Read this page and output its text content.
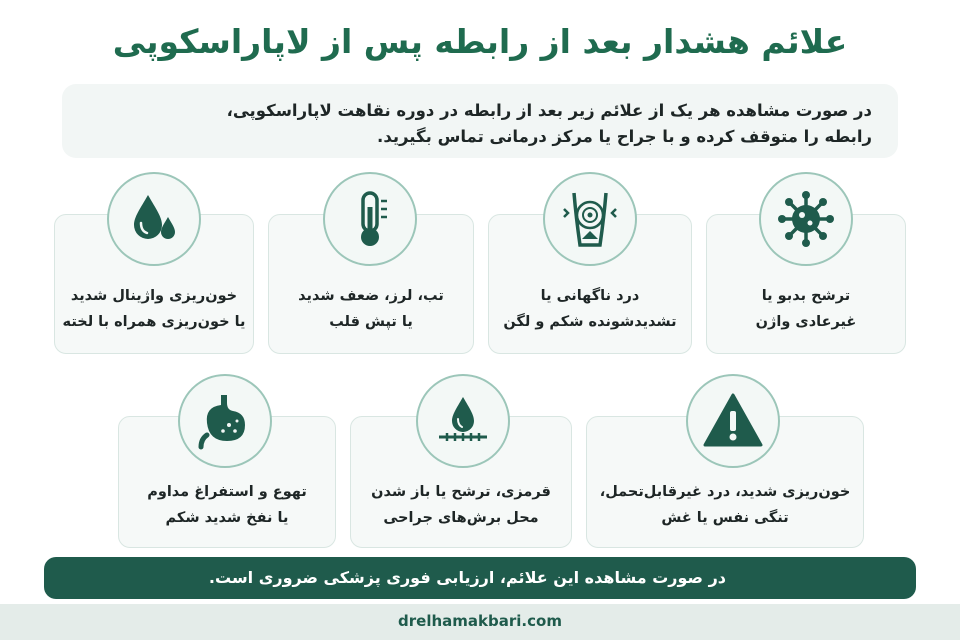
علائم هشدار بعد از رابطه پس از لاپاراسکوپی
در صورت مشاهده هر یک از علائم زیر بعد از رابطه در دوره نقاهت لاپاراسکوپی،
رابطه را متوقف کرده و با جراح یا مرکز درمانی تماس بگیرید.
ترشح بدبو یا
غیرعادی واژن
درد ناگهانی یا
تشدیدشونده شکم و لگن
تب، لرز، ضعف شدید
یا تپش قلب
خون‌ریزی واژینال شدید
یا خون‌ریزی همراه با لخته
خون‌ریزی شدید، درد غیرقابل‌تحمل،
تنگی نفس یا غش
قرمزی، ترشح یا باز شدن
محل برش‌های جراحی
تهوع و استفراغ مداوم
یا نفخ شدید شکم
در صورت مشاهده این علائم، ارزیابی فوری پزشکی ضروری است.
drelhamakbari.com
